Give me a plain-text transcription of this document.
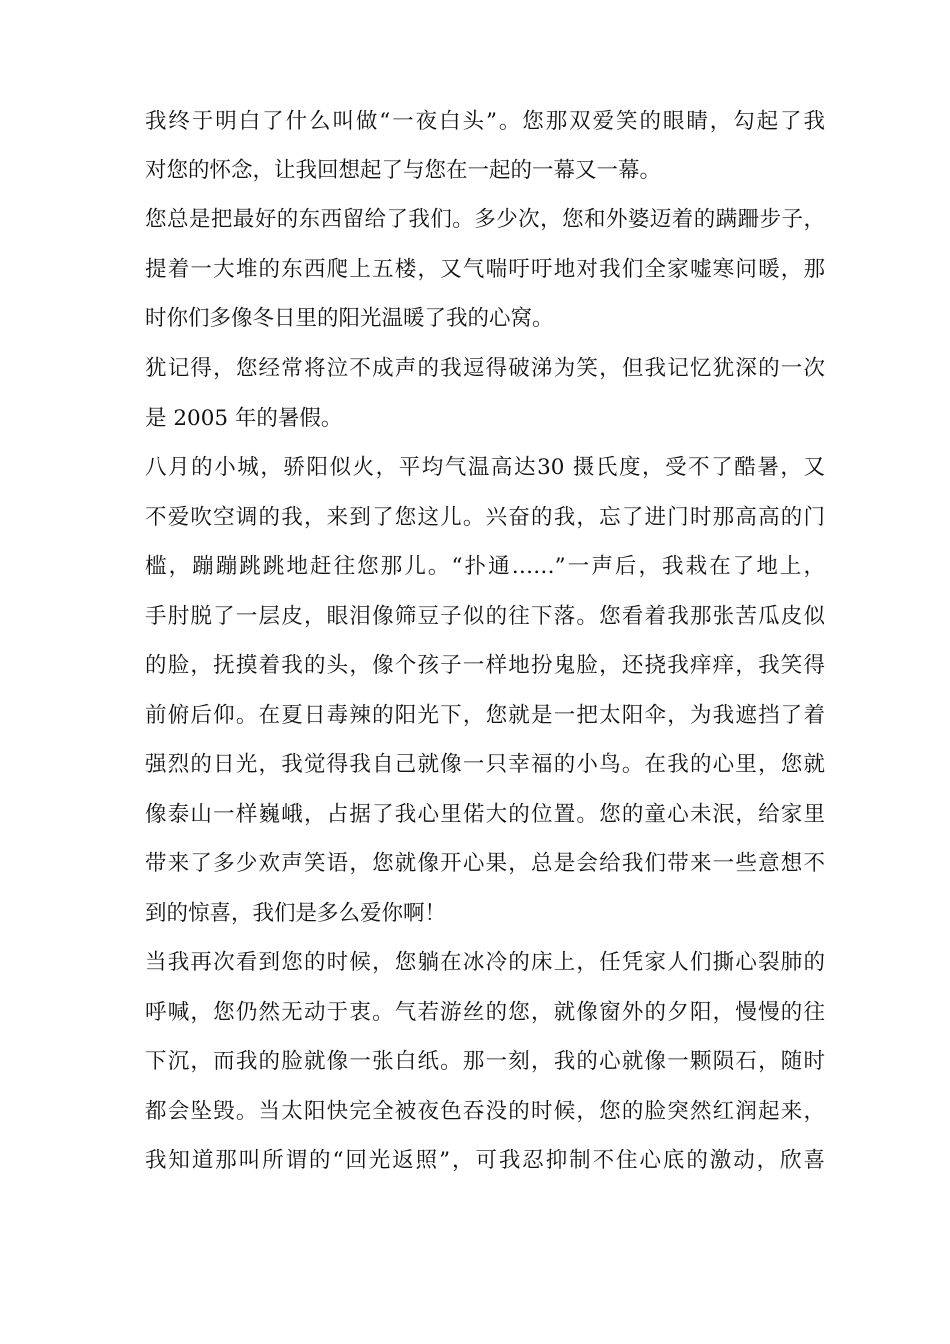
我终于明白了什么叫做“一夜白头”。您那双爱笑的眼睛，勾起了我
对您的怀念，让我回想起了与您在一起的一幕又一幕。
您总是把最好的东西留给了我们。多少次，您和外婆迈着的蹒跚步子，
提着一大堆的东西爬上五楼，又气喘吁吁地对我们全家嘘寒问暖，那
时你们多像冬日里的阳光温暖了我的心窝。
犹记得，您经常将泣不成声的我逗得破涕为笑，但我记忆犹深的一次
是 2005 年的暑假。
八月的小城，骄阳似火，平均气温高达30 摄氏度，受不了酷暑，又
不爱吹空调的我，来到了您这儿。兴奋的我，忘了进门时那高高的门
槛，蹦蹦跳跳地赶往您那儿。“扑通……”一声后，我栽在了地上，
手肘脱了一层皮，眼泪像筛豆子似的往下落。您看着我那张苦瓜皮似
的脸，抚摸着我的头，像个孩子一样地扮鬼脸，还挠我痒痒，我笑得
前俯后仰。在夏日毒辣的阳光下，您就是一把太阳伞，为我遮挡了着
强烈的日光，我觉得我自己就像一只幸福的小鸟。在我的心里，您就
像泰山一样巍峨，占据了我心里偌大的位置。您的童心未泯，给家里
带来了多少欢声笑语，您就像开心果，总是会给我们带来一些意想不
到的惊喜，我们是多么爱你啊！
当我再次看到您的时候，您躺在冰冷的床上，任凭家人们撕心裂肺的
呼喊，您仍然无动于衷。气若游丝的您，就像窗外的夕阳，慢慢的往
下沉，而我的脸就像一张白纸。那一刻，我的心就像一颗陨石，随时
都会坠毁。当太阳快完全被夜色吞没的时候，您的脸突然红润起来，
我知道那叫所谓的“回光返照”，可我忍抑制不住心底的激动，欣喜
